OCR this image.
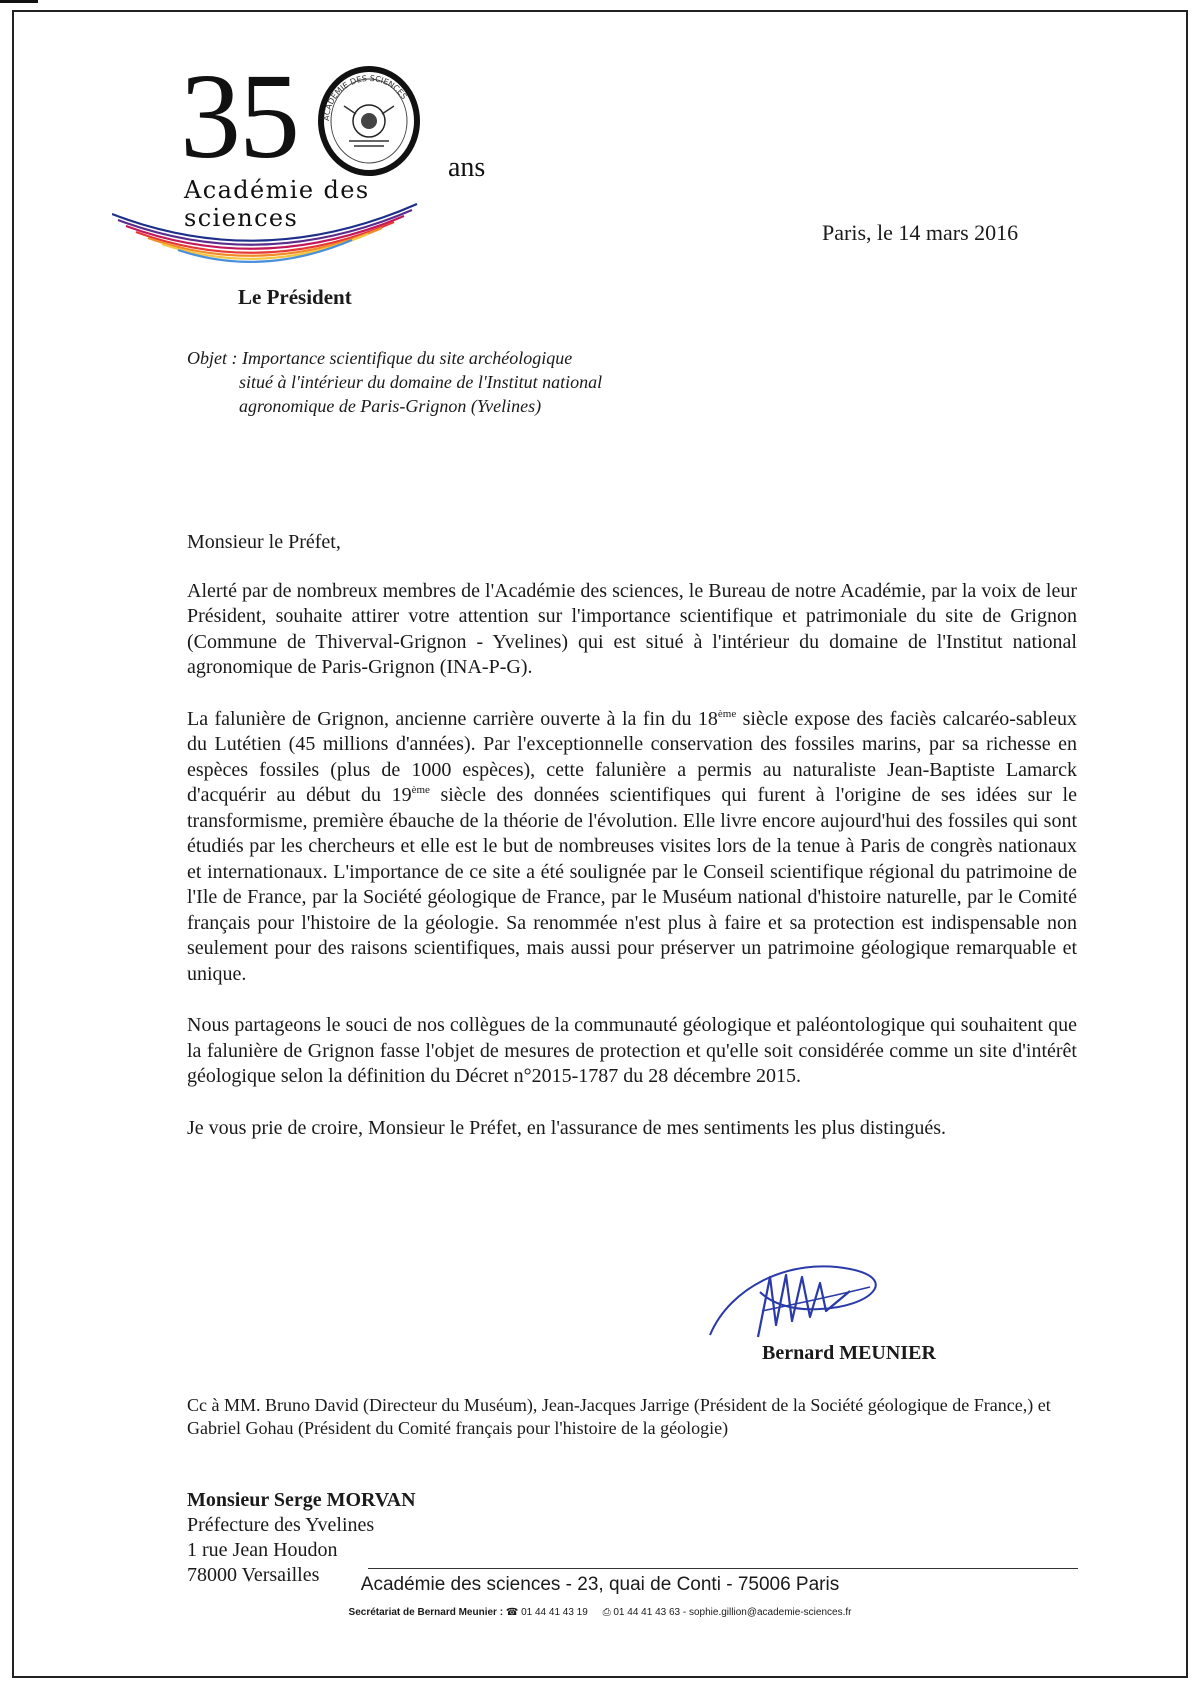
35	ACADÉMIE DES SCIENCES
ans
Académie des sciences
Paris, le 14 mars 2016
Le Président
Objet : Importance scientifique du site archéologique
situé à l'intérieur du domaine de l'Institut national
agronomique de Paris-Grignon (Yvelines)

Monsieur le Préfet,

Alerté par de nombreux membres de l'Académie des sciences, le Bureau de notre Académie, par la voix de leur Président, souhaite attirer votre attention sur l'importance scientifique et patrimoniale du site de Grignon (Commune de Thiverval-Grignon - Yvelines) qui est situé à l'intérieur du domaine de l'Institut national agronomique de Paris-Grignon (INA-P-G).

La falunière de Grignon, ancienne carrière ouverte à la fin du 18ème siècle expose des faciès calcaréo-sableux du Lutétien (45 millions d'années). Par l'exceptionnelle conservation des fossiles marins, par sa richesse en espèces fossiles (plus de 1000 espèces), cette falunière a permis au naturaliste Jean-Baptiste Lamarck d'acquérir au début du 19ème siècle des données scientifiques qui furent à l'origine de ses idées sur le transformisme, première ébauche de la théorie de l'évolution. Elle livre encore aujourd'hui des fossiles qui sont étudiés par les chercheurs et elle est le but de nombreuses visites lors de la tenue à Paris de congrès nationaux et internationaux. L'importance de ce site a été soulignée par le Conseil scientifique régional du patrimoine de l'Ile de France, par la Société géologique de France, par le Muséum national d'histoire naturelle, par le Comité français pour l'histoire de la géologie. Sa renommée n'est plus à faire et sa protection est indispensable non seulement pour des raisons scientifiques, mais aussi pour préserver un patrimoine géologique remarquable et unique.

Nous partageons le souci de nos collègues de la communauté géologique et paléontologique qui souhaitent que la falunière de Grignon fasse l'objet de mesures de protection et qu'elle soit considérée comme un site d'intérêt géologique selon la définition du Décret n°2015-1787 du 28 décembre 2015.

Je vous prie de croire, Monsieur le Préfet, en l'assurance de mes sentiments les plus distingués.

Bernard MEUNIER
Cc à MM. Bruno David (Directeur du Muséum), Jean-Jacques Jarrige (Président de la Société géologique de France,) et Gabriel Gohau (Président du Comité français pour l'histoire de la géologie)
Monsieur Serge MORVAN
Préfecture des Yvelines
1 rue Jean Houdon
78000 Versailles	Académie des sciences - 23, quai de Conti - 75006 Paris
Secrétariat de Bernard Meunier : ☎ 01 44 41 43 19 ⎙ 01 44 41 43 63 - sophie.gillion@academie-sciences.fr
